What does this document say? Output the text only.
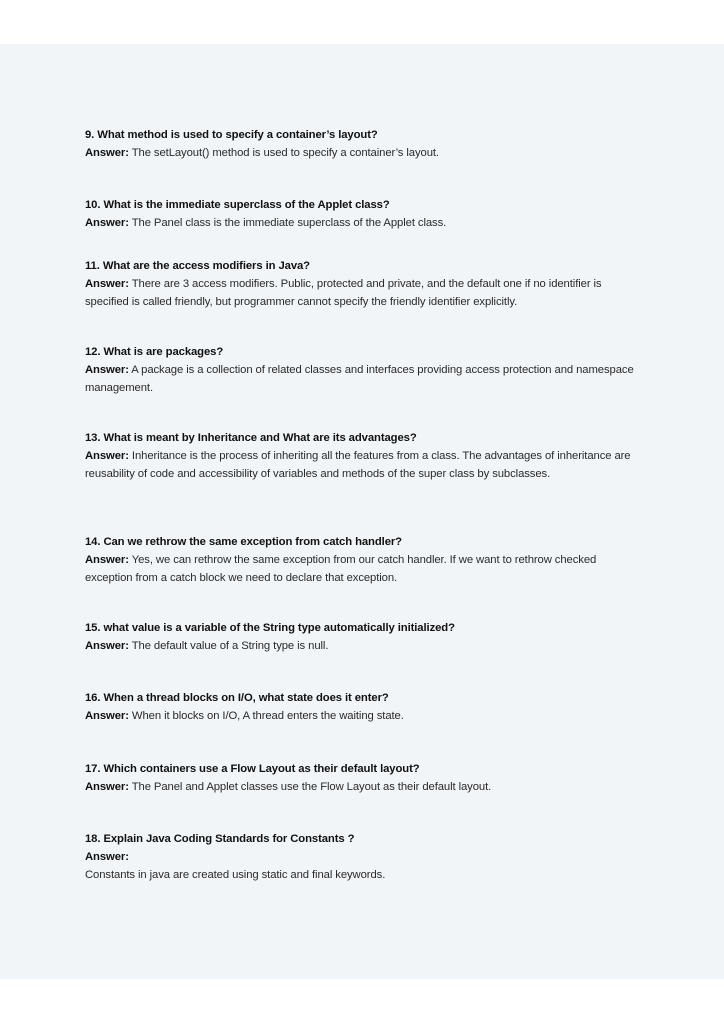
9. What method is used to specify a container’s layout?

Answer: The setLayout() method is used to specify a container’s layout.

10. What is the immediate superclass of the Applet class?

Answer: The Panel class is the immediate superclass of the Applet class.

11. What are the access modifiers in Java?

Answer: There are 3 access modifiers. Public, protected and private, and the default one if no identifier is specified is called friendly, but programmer cannot specify the friendly identifier explicitly.

12. What is are packages?

Answer: A package is a collection of related classes and interfaces providing access protection and namespace management.

13. What is meant by Inheritance and What are its advantages?

Answer: Inheritance is the process of inheriting all the features from a class. The advantages of inheritance are reusability of code and accessibility of variables and methods of the super class by subclasses.

14. Can we rethrow the same exception from catch handler?

Answer: Yes, we can rethrow the same exception from our catch handler. If we want to rethrow checked exception from a catch block we need to declare that exception.

15. what value is a variable of the String type automatically initialized?

Answer: The default value of a String type is null.

16. When a thread blocks on I/O, what state does it enter?

Answer: When it blocks on I/O, A thread enters the waiting state.

17. Which containers use a Flow Layout as their default layout?

Answer: The Panel and Applet classes use the Flow Layout as their default layout.

18. Explain Java Coding Standards for Constants ?

Answer:

Constants in java are created using static and final keywords.
